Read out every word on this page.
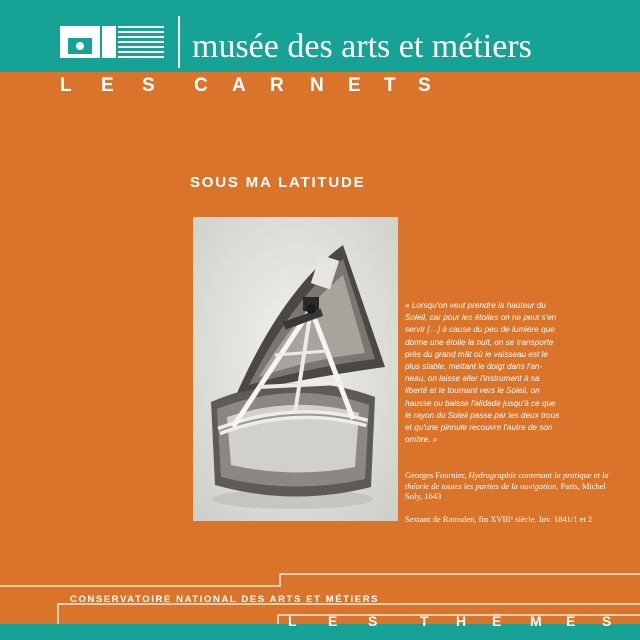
musée des arts et métiers
L E S C A R N E T S
SOUS MA LATITUDE

« Lorsqu'on veut prendre la hauteur du
Soleil, car pour les étoiles on ne peut s'en
servir […] à cause du peu de lumière que
donne une étoile la nuit, on se transporte
près du grand mât où le vaisseau est le
plus stable, mettant le doigt dans l'an-
neau, on laisse aller l'instrument à sa
liberté et le tournant vers le Soleil, on
hausse ou baisse l'alidade jusqu'à ce que
le rayon du Soleil passe par les deux trous
et qu'une pinnule recouvre l'autre de son
ombre. »

Georges Fournier, Hydrographie contenant la pratique et la théorie de toutes les parties de la navigation, Paris, Michel Soly, 1643

Sextant de Ramsden, fin XVIIIᵉ siècle. Inv. 1841/1 et 2

CONSERVATOIRE NATIONAL DES ARTS ET MÉTIERS

L E S	T H È M E S
